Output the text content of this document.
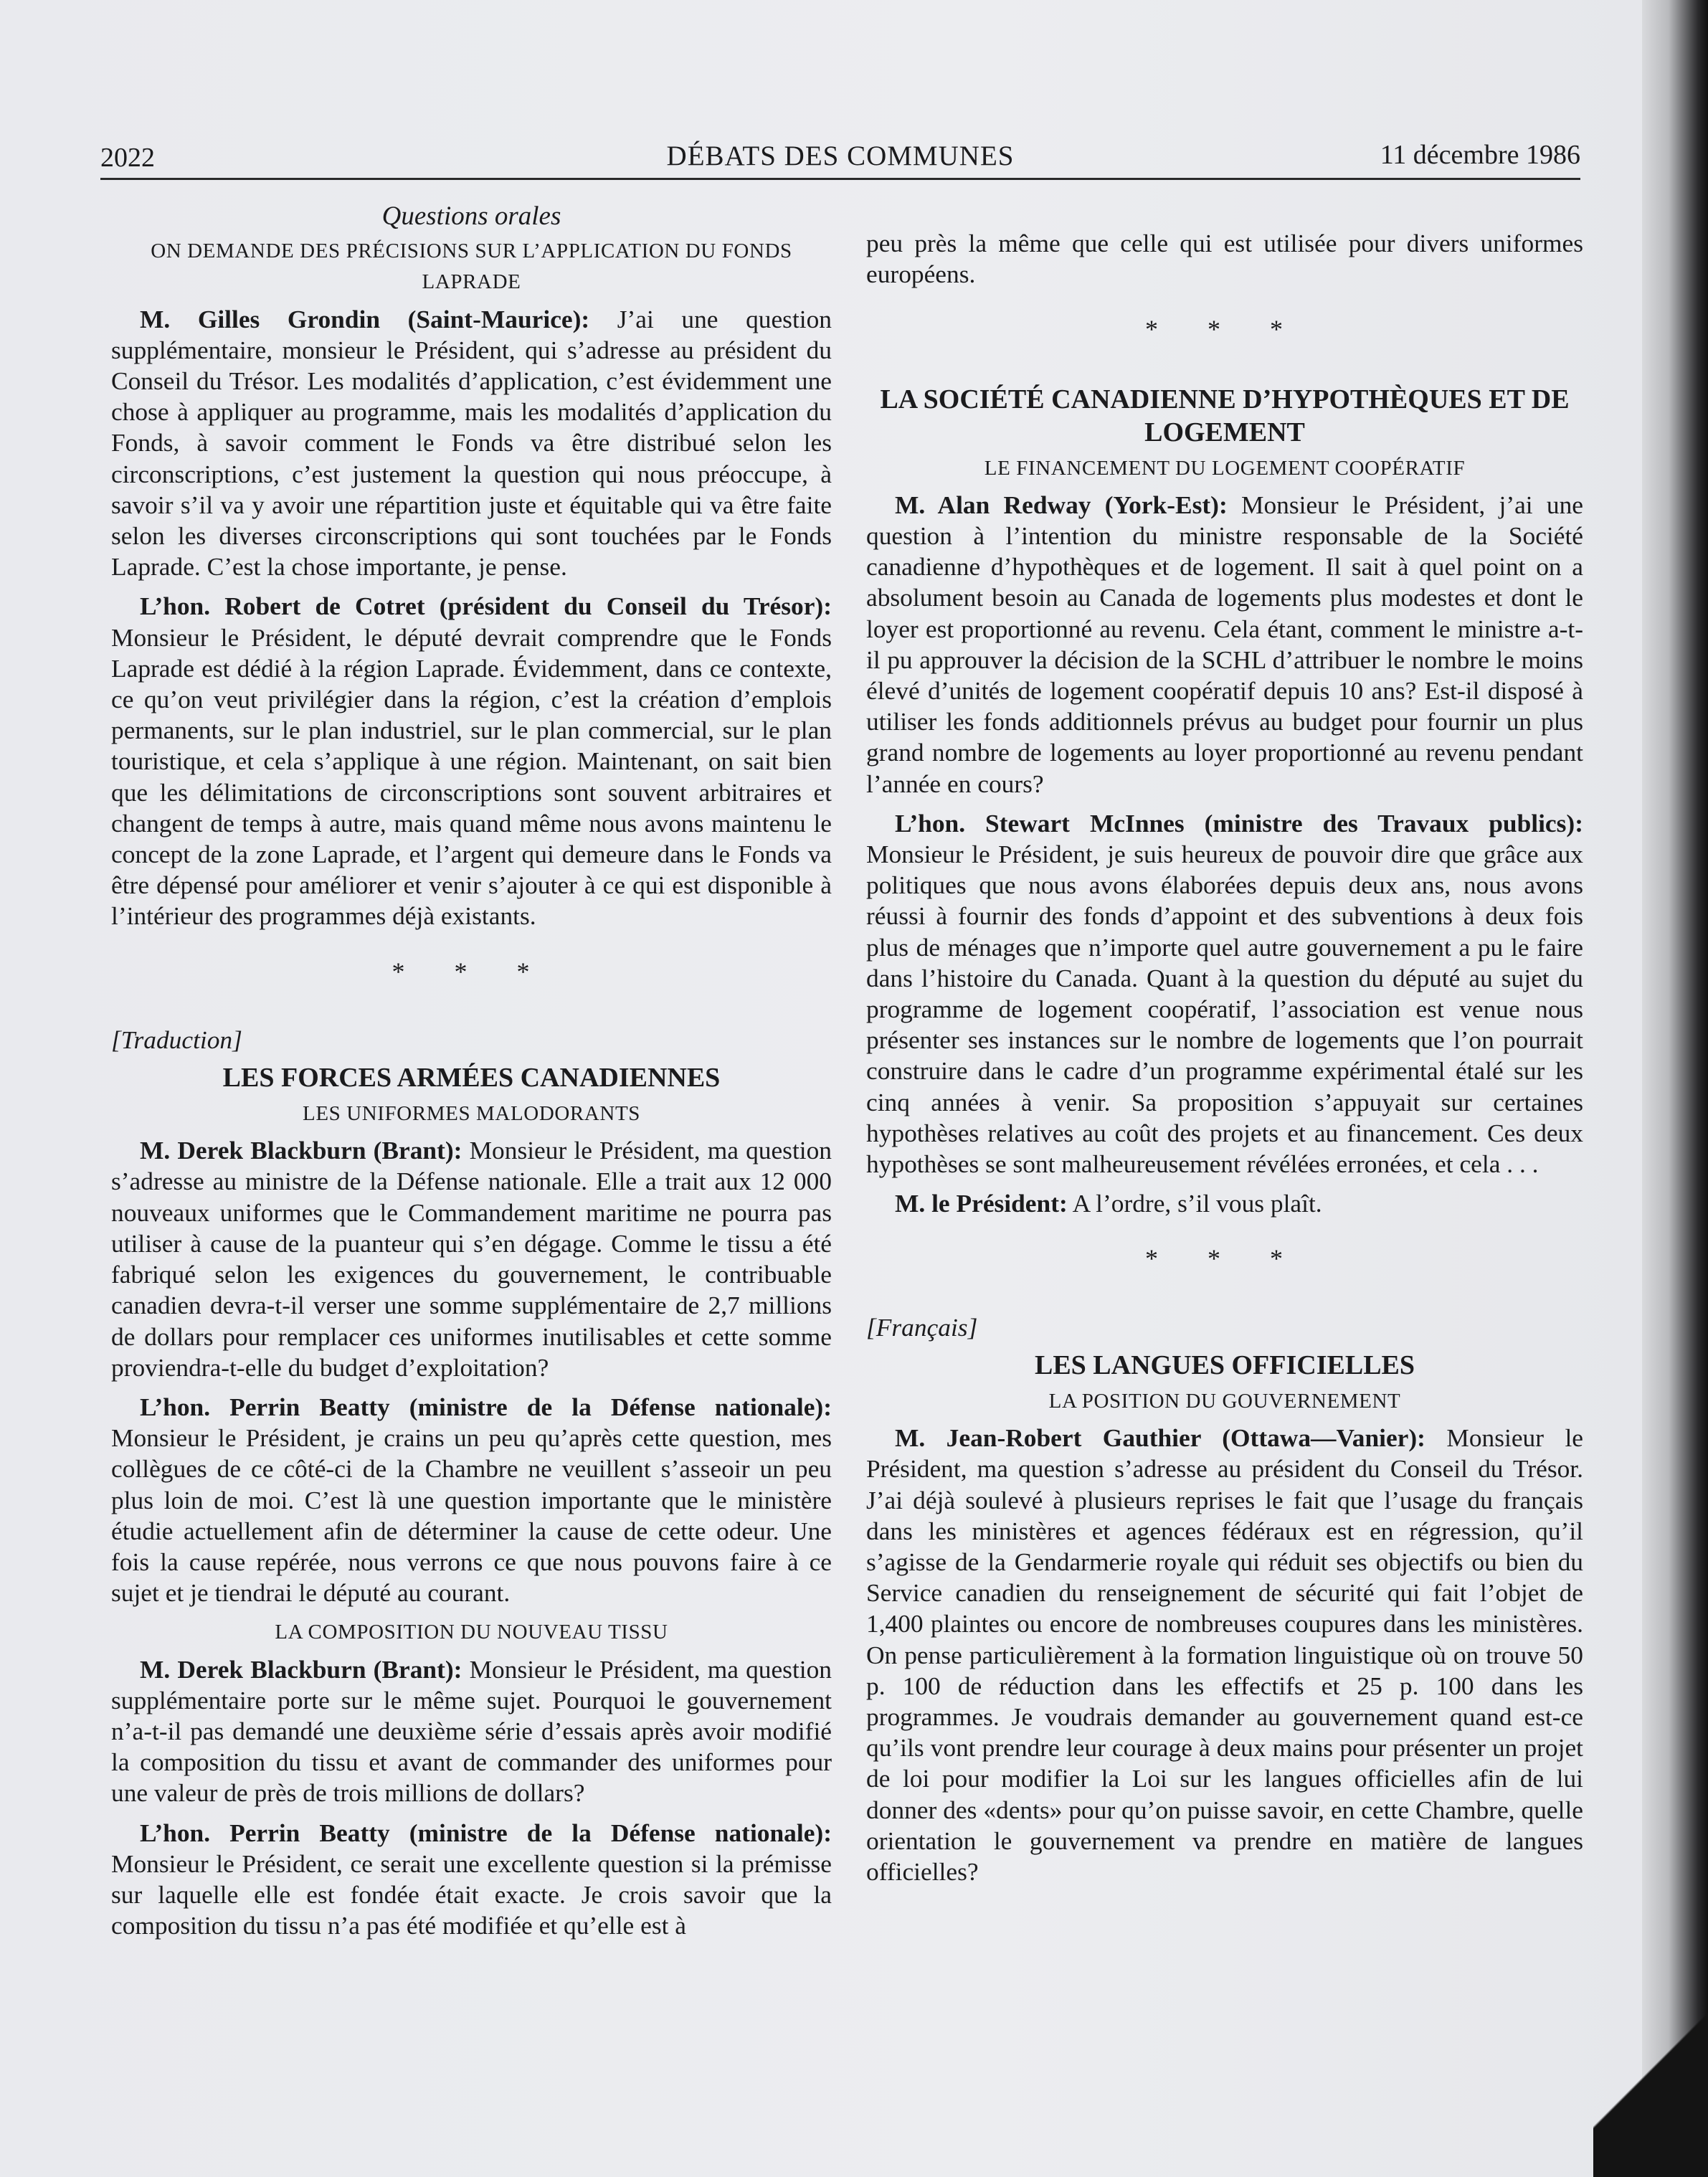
2022	DÉBATS DES COMMUNES	11 décembre 1986
Questions orales
ON DEMANDE DES PRÉCISIONS SUR L’APPLICATION DU FONDS LAPRADE

M. Gilles Grondin (Saint-Maurice): J’ai une question supplémentaire, monsieur le Président, qui s’adresse au président du Conseil du Trésor. Les modalités d’application, c’est évidemment une chose à appliquer au programme, mais les modalités d’application du Fonds, à savoir comment le Fonds va être distribué selon les circonscriptions, c’est justement la question qui nous préoccupe, à savoir s’il va y avoir une répartition juste et équitable qui va être faite selon les diverses circonscriptions qui sont touchées par le Fonds Laprade. C’est la chose importante, je pense.

L’hon. Robert de Cotret (président du Conseil du Trésor): Monsieur le Président, le député devrait comprendre que le Fonds Laprade est dédié à la région Laprade. Évidemment, dans ce contexte, ce qu’on veut privilégier dans la région, c’est la création d’emplois permanents, sur le plan industriel, sur le plan commercial, sur le plan touristique, et cela s’applique à une région. Maintenant, on sait bien que les délimitations de circonscriptions sont souvent arbitraires et changent de temps à autre, mais quand même nous avons maintenu le concept de la zone Laprade, et l’argent qui demeure dans le Fonds va être dépensé pour améliorer et venir s’ajouter à ce qui est disponible à l’intérieur des programmes déjà existants.

* * *
[Traduction]
LES FORCES ARMÉES CANADIENNES
LES UNIFORMES MALODORANTS

M. Derek Blackburn (Brant): Monsieur le Président, ma question s’adresse au ministre de la Défense nationale. Elle a trait aux 12 000 nouveaux uniformes que le Commandement maritime ne pourra pas utiliser à cause de la puanteur qui s’en dégage. Comme le tissu a été fabriqué selon les exigences du gouvernement, le contribuable canadien devra-t-il verser une somme supplémentaire de 2,7 millions de dollars pour remplacer ces uniformes inutilisables et cette somme proviendra-t-elle du budget d’exploitation?

L’hon. Perrin Beatty (ministre de la Défense nationale): Monsieur le Président, je crains un peu qu’après cette question, mes collègues de ce côté-ci de la Chambre ne veuillent s’asseoir un peu plus loin de moi. C’est là une question importante que le ministère étudie actuellement afin de déterminer la cause de cette odeur. Une fois la cause repérée, nous verrons ce que nous pouvons faire à ce sujet et je tiendrai le député au courant.

LA COMPOSITION DU NOUVEAU TISSU

M. Derek Blackburn (Brant): Monsieur le Président, ma question supplémentaire porte sur le même sujet. Pourquoi le gouvernement n’a-t-il pas demandé une deuxième série d’essais après avoir modifié la composition du tissu et avant de commander des uniformes pour une valeur de près de trois millions de dollars?

L’hon. Perrin Beatty (ministre de la Défense nationale): Monsieur le Président, ce serait une excellente question si la prémisse sur laquelle elle est fondée était exacte. Je crois savoir que la composition du tissu n’a pas été modifiée et qu’elle est à

peu près la même que celle qui est utilisée pour divers uniformes européens.

* * *
LA SOCIÉTÉ CANADIENNE D’HYPOTHÈQUES ET DE LOGEMENT
LE FINANCEMENT DU LOGEMENT COOPÉRATIF

M. Alan Redway (York-Est): Monsieur le Président, j’ai une question à l’intention du ministre responsable de la Société canadienne d’hypothèques et de logement. Il sait à quel point on a absolument besoin au Canada de logements plus modestes et dont le loyer est proportionné au revenu. Cela étant, comment le ministre a-t-il pu approuver la décision de la SCHL d’attribuer le nombre le moins élevé d’unités de logement coopératif depuis 10 ans? Est-il disposé à utiliser les fonds additionnels prévus au budget pour fournir un plus grand nombre de logements au loyer proportionné au revenu pendant l’année en cours?

L’hon. Stewart McInnes (ministre des Travaux publics): Monsieur le Président, je suis heureux de pouvoir dire que grâce aux politiques que nous avons élaborées depuis deux ans, nous avons réussi à fournir des fonds d’appoint et des subventions à deux fois plus de ménages que n’importe quel autre gouvernement a pu le faire dans l’histoire du Canada. Quant à la question du député au sujet du programme de logement coopératif, l’association est venue nous présenter ses instances sur le nombre de logements que l’on pourrait construire dans le cadre d’un programme expérimental étalé sur les cinq années à venir. Sa proposition s’appuyait sur certaines hypothèses relatives au coût des projets et au financement. Ces deux hypothèses se sont malheureusement révélées erronées, et cela . . .

M. le Président: A l’ordre, s’il vous plaît.

* * *
[Français]
LES LANGUES OFFICIELLES
LA POSITION DU GOUVERNEMENT

M. Jean-Robert Gauthier (Ottawa—Vanier): Monsieur le Président, ma question s’adresse au président du Conseil du Trésor. J’ai déjà soulevé à plusieurs reprises le fait que l’usage du français dans les ministères et agences fédéraux est en régression, qu’il s’agisse de la Gendarmerie royale qui réduit ses objectifs ou bien du Service canadien du renseignement de sécurité qui fait l’objet de 1,400 plaintes ou encore de nombreuses coupures dans les ministères. On pense particulièrement à la formation linguistique où on trouve 50 p. 100 de réduction dans les effectifs et 25 p. 100 dans les programmes. Je voudrais demander au gouvernement quand est-ce qu’ils vont prendre leur courage à deux mains pour présenter un projet de loi pour modifier la Loi sur les langues officielles afin de lui donner des «dents» pour qu’on puisse savoir, en cette Chambre, quelle orientation le gouvernement va prendre en matière de langues officielles?
